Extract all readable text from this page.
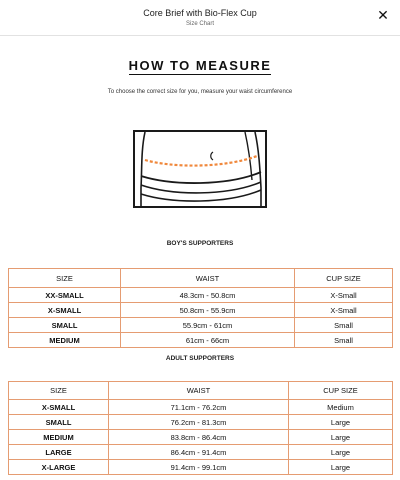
Core Brief with Bio-Flex Cup
Size Chart
✕
HOW TO MEASURE
To choose the correct size for you, measure your waist circumference
BOY'S SUPPORTERS
SIZE	WAIST	CUP SIZE
XX-SMALL	48.3cm - 50.8cm	X-Small
X-SMALL	50.8cm - 55.9cm	X-Small
SMALL	55.9cm - 61cm	Small
MEDIUM	61cm - 66cm	Small
ADULT SUPPORTERS
SIZE	WAIST	CUP SIZE
X-SMALL	71.1cm - 76.2cm	Medium
SMALL	76.2cm - 81.3cm	Large
MEDIUM	83.8cm - 86.4cm	Large
LARGE	86.4cm - 91.4cm	Large
X-LARGE	91.4cm - 99.1cm	Large
